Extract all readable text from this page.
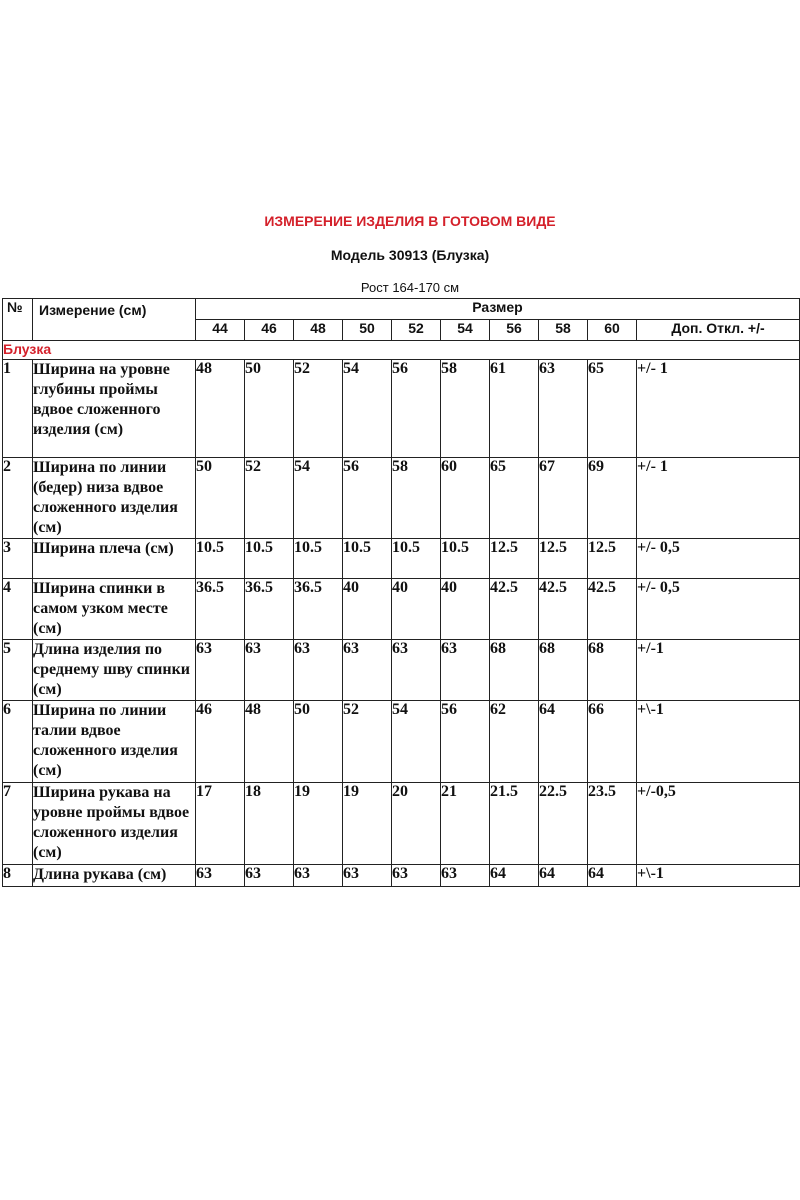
ИЗМЕРЕНИЕ ИЗДЕЛИЯ В ГОТОВОМ ВИДЕ
Модель 30913 (Блузка)
Рост 164-170 см
№	Измерение (см)	Размер									
		44	46	48	50	52	54	56	58	60	Доп. Откл. +/-
Блузка											
1	Ширина на уровне глубины проймы вдвое сложенного изделия (см)	48	50	52	54	56	58	61	63	65	+/- 1
2	Ширина по линии (бедер) низа вдвое сложенного изделия (см)	50	52	54	56	58	60	65	67	69	+/- 1
3	Ширина плеча (см)	10.5	10.5	10.5	10.5	10.5	10.5	12.5	12.5	12.5	+/- 0,5
4	Ширина спинки в самом узком месте (см)	36.5	36.5	36.5	40	40	40	42.5	42.5	42.5	+/- 0,5
5	Длина изделия по среднему шву спинки (см)	63	63	63	63	63	63	68	68	68	+/-1
6	Ширина по линии талии вдвое сложенного изделия (см)	46	48	50	52	54	56	62	64	66	+\-1
7	Ширина рукава на уровне проймы вдвое сложенного изделия (см)	17	18	19	19	20	21	21.5	22.5	23.5	+/-0,5
8	Длина рукава (см)	63	63	63	63	63	63	64	64	64	+\-1
